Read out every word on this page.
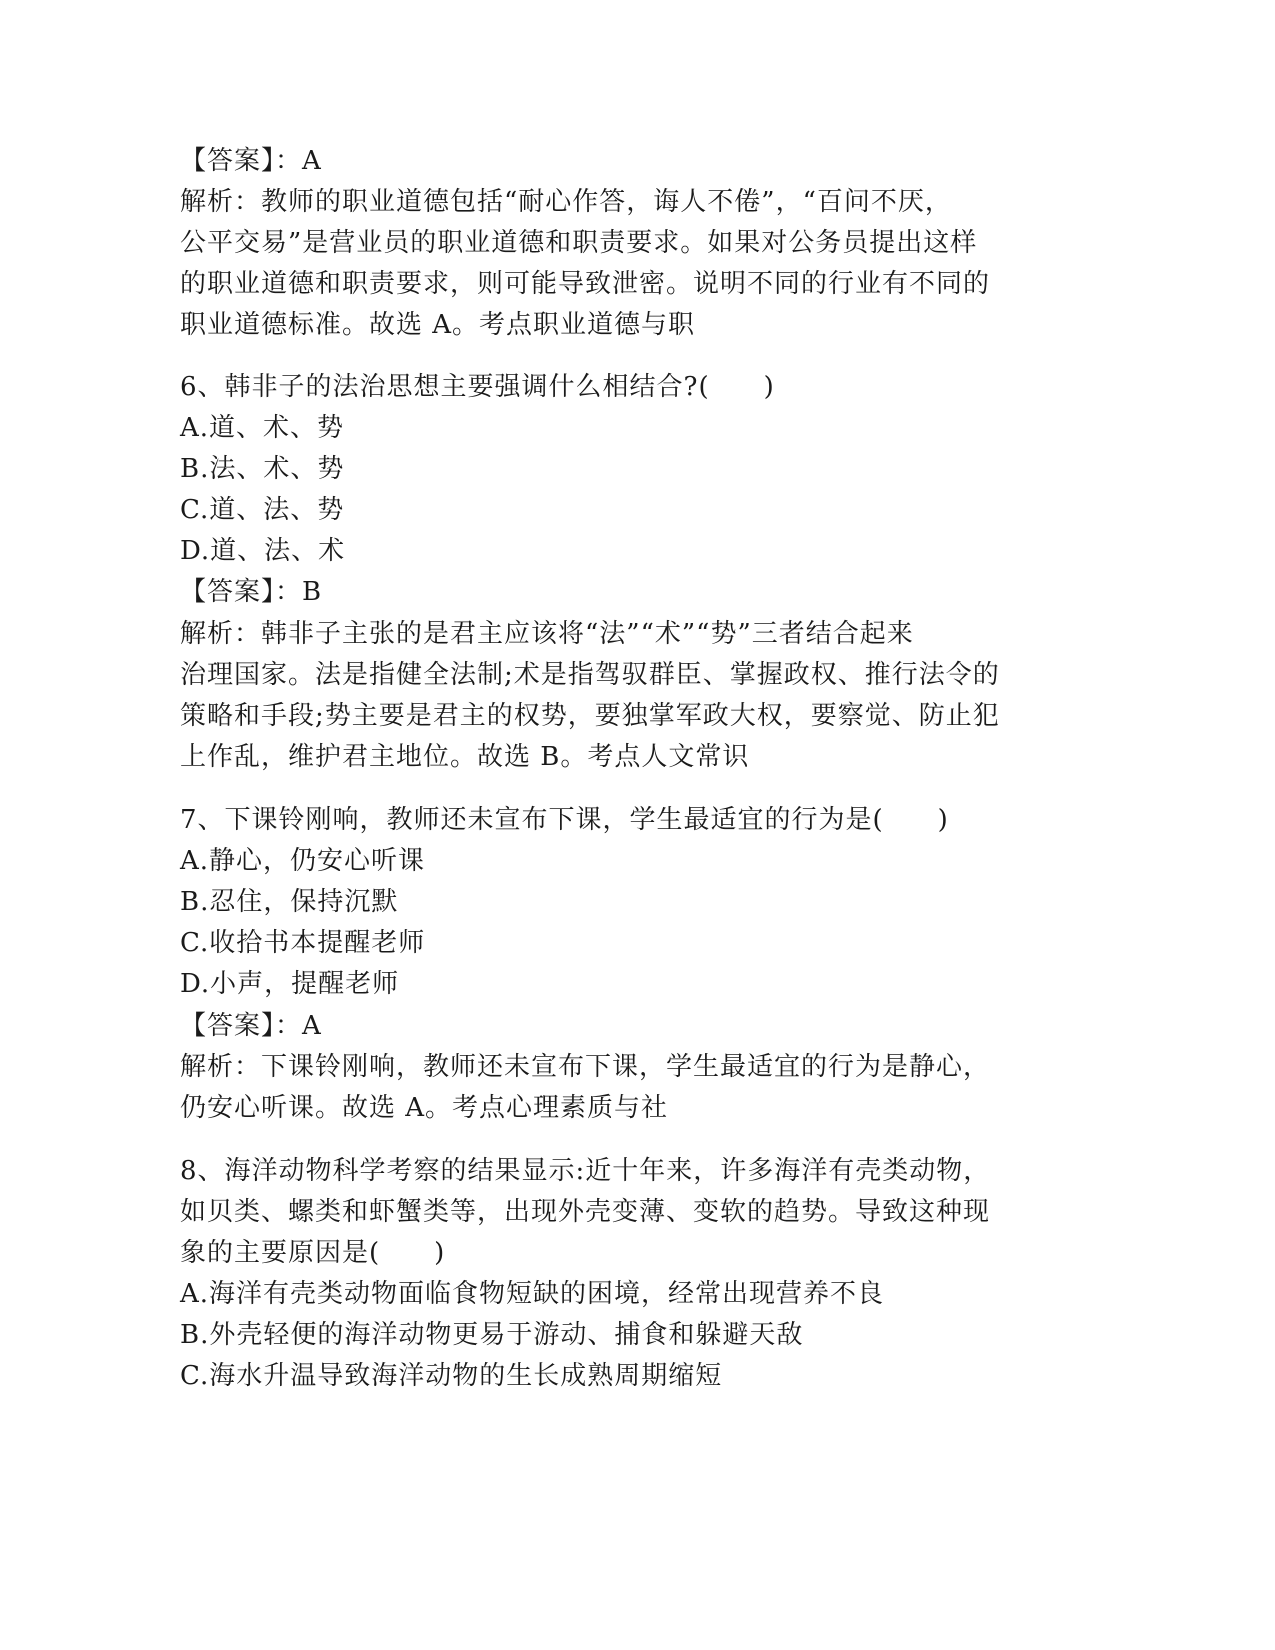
【答案】：A
解析：教师的职业道德包括“耐心作答，诲人不倦”，“百问不厌，
公平交易”是营业员的职业道德和职责要求。如果对公务员提出这样
的职业道德和职责要求，则可能导致泄密。说明不同的行业有不同的
职业道德标准。故选 A。考点职业道德与职
6、韩非子的法治思想主要强调什么相结合?(　　)
A.道、术、势
B.法、术、势
C.道、法、势
D.道、法、术
【答案】：B
解析：韩非子主张的是君主应该将“法”“术”“势”三者结合起来
治理国家。法是指健全法制;术是指驾驭群臣、掌握政权、推行法令的
策略和手段;势主要是君主的权势，要独掌军政大权，要察觉、防止犯
上作乱，维护君主地位。故选 B。考点人文常识
7、下课铃刚响，教师还未宣布下课，学生最适宜的行为是(　　)
A.静心，仍安心听课
B.忍住，保持沉默
C.收拾书本提醒老师
D.小声，提醒老师
【答案】：A
解析：下课铃刚响，教师还未宣布下课，学生最适宜的行为是静心，
仍安心听课。故选 A。考点心理素质与社
8、海洋动物科学考察的结果显示:近十年来，许多海洋有壳类动物，
如贝类、螺类和虾蟹类等，出现外壳变薄、变软的趋势。导致这种现
象的主要原因是(　　)
A.海洋有壳类动物面临食物短缺的困境，经常出现营养不良
B.外壳轻便的海洋动物更易于游动、捕食和躲避天敌
C.海水升温导致海洋动物的生长成熟周期缩短
